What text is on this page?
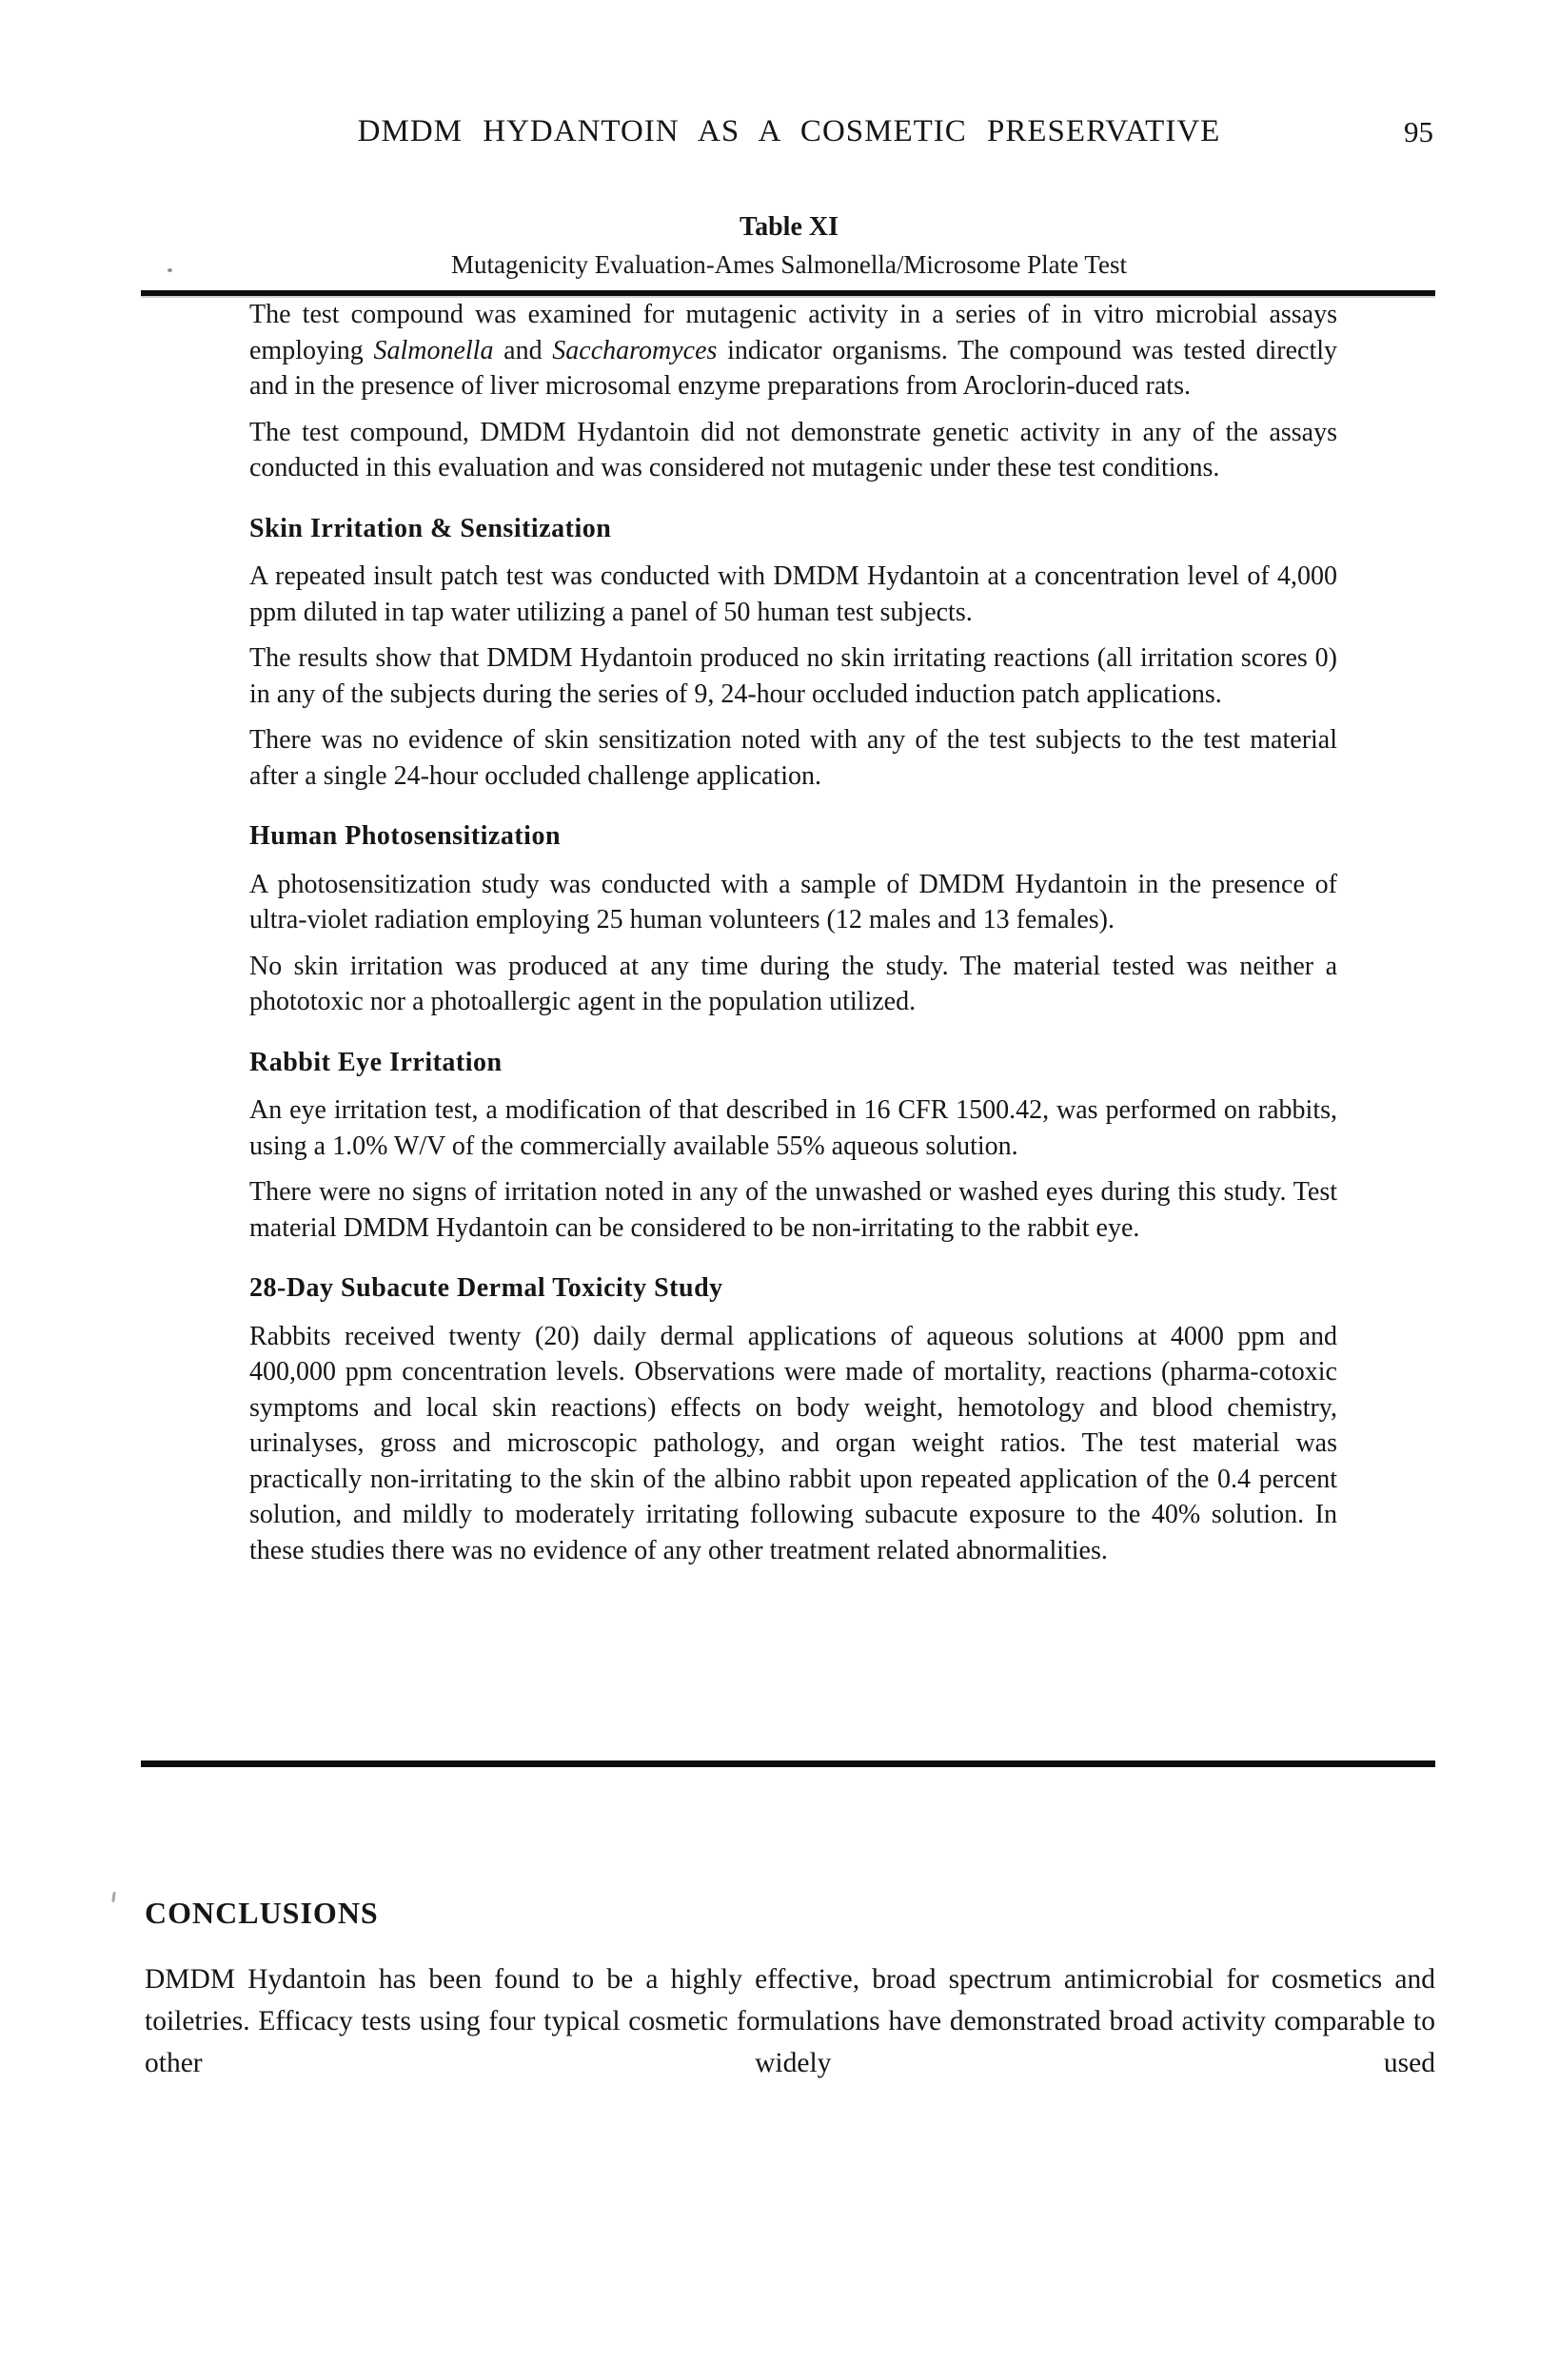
DMDM HYDANTOIN AS A COSMETIC PRESERVATIVE	95
Table XI
Mutagenicity Evaluation-Ames Salmonella/Microsome Plate Test

The test compound was examined for mutagenic activity in a series of in vitro microbial assays employing Salmonella and Saccharomyces indicator organisms. The compound was tested directly and in the presence of liver microsomal enzyme preparations from Aroclorin-duced rats.

The test compound, DMDM Hydantoin did not demonstrate genetic activity in any of the assays conducted in this evaluation and was considered not mutagenic under these test conditions.

Skin Irritation & Sensitization

A repeated insult patch test was conducted with DMDM Hydantoin at a concentration level of 4,000 ppm diluted in tap water utilizing a panel of 50 human test subjects.

The results show that DMDM Hydantoin produced no skin irritating reactions (all irritation scores 0) in any of the subjects during the series of 9, 24-hour occluded induction patch applications.

There was no evidence of skin sensitization noted with any of the test subjects to the test material after a single 24-hour occluded challenge application.

Human Photosensitization

A photosensitization study was conducted with a sample of DMDM Hydantoin in the presence of ultra-violet radiation employing 25 human volunteers (12 males and 13 females).

No skin irritation was produced at any time during the study. The material tested was neither a phototoxic nor a photoallergic agent in the population utilized.

Rabbit Eye Irritation

An eye irritation test, a modification of that described in 16 CFR 1500.42, was performed on rabbits, using a 1.0% W/V of the commercially available 55% aqueous solution.

There were no signs of irritation noted in any of the unwashed or washed eyes during this study. Test material DMDM Hydantoin can be considered to be non-irritating to the rabbit eye.

28-Day Subacute Dermal Toxicity Study

Rabbits received twenty (20) daily dermal applications of aqueous solutions at 4000 ppm and 400,000 ppm concentration levels. Observations were made of mortality, reactions (pharma-cotoxic symptoms and local skin reactions) effects on body weight, hemotology and blood chemistry, urinalyses, gross and microscopic pathology, and organ weight ratios. The test material was practically non-irritating to the skin of the albino rabbit upon repeated application of the 0.4 percent solution, and mildly to moderately irritating following subacute exposure to the 40% solution. In these studies there was no evidence of any other treatment related abnormalities.

CONCLUSIONS

DMDM Hydantoin has been found to be a highly effective, broad spectrum antimicrobial for cosmetics and toiletries. Efficacy tests using four typical cosmetic formulations have demonstrated broad activity comparable to other widely used
